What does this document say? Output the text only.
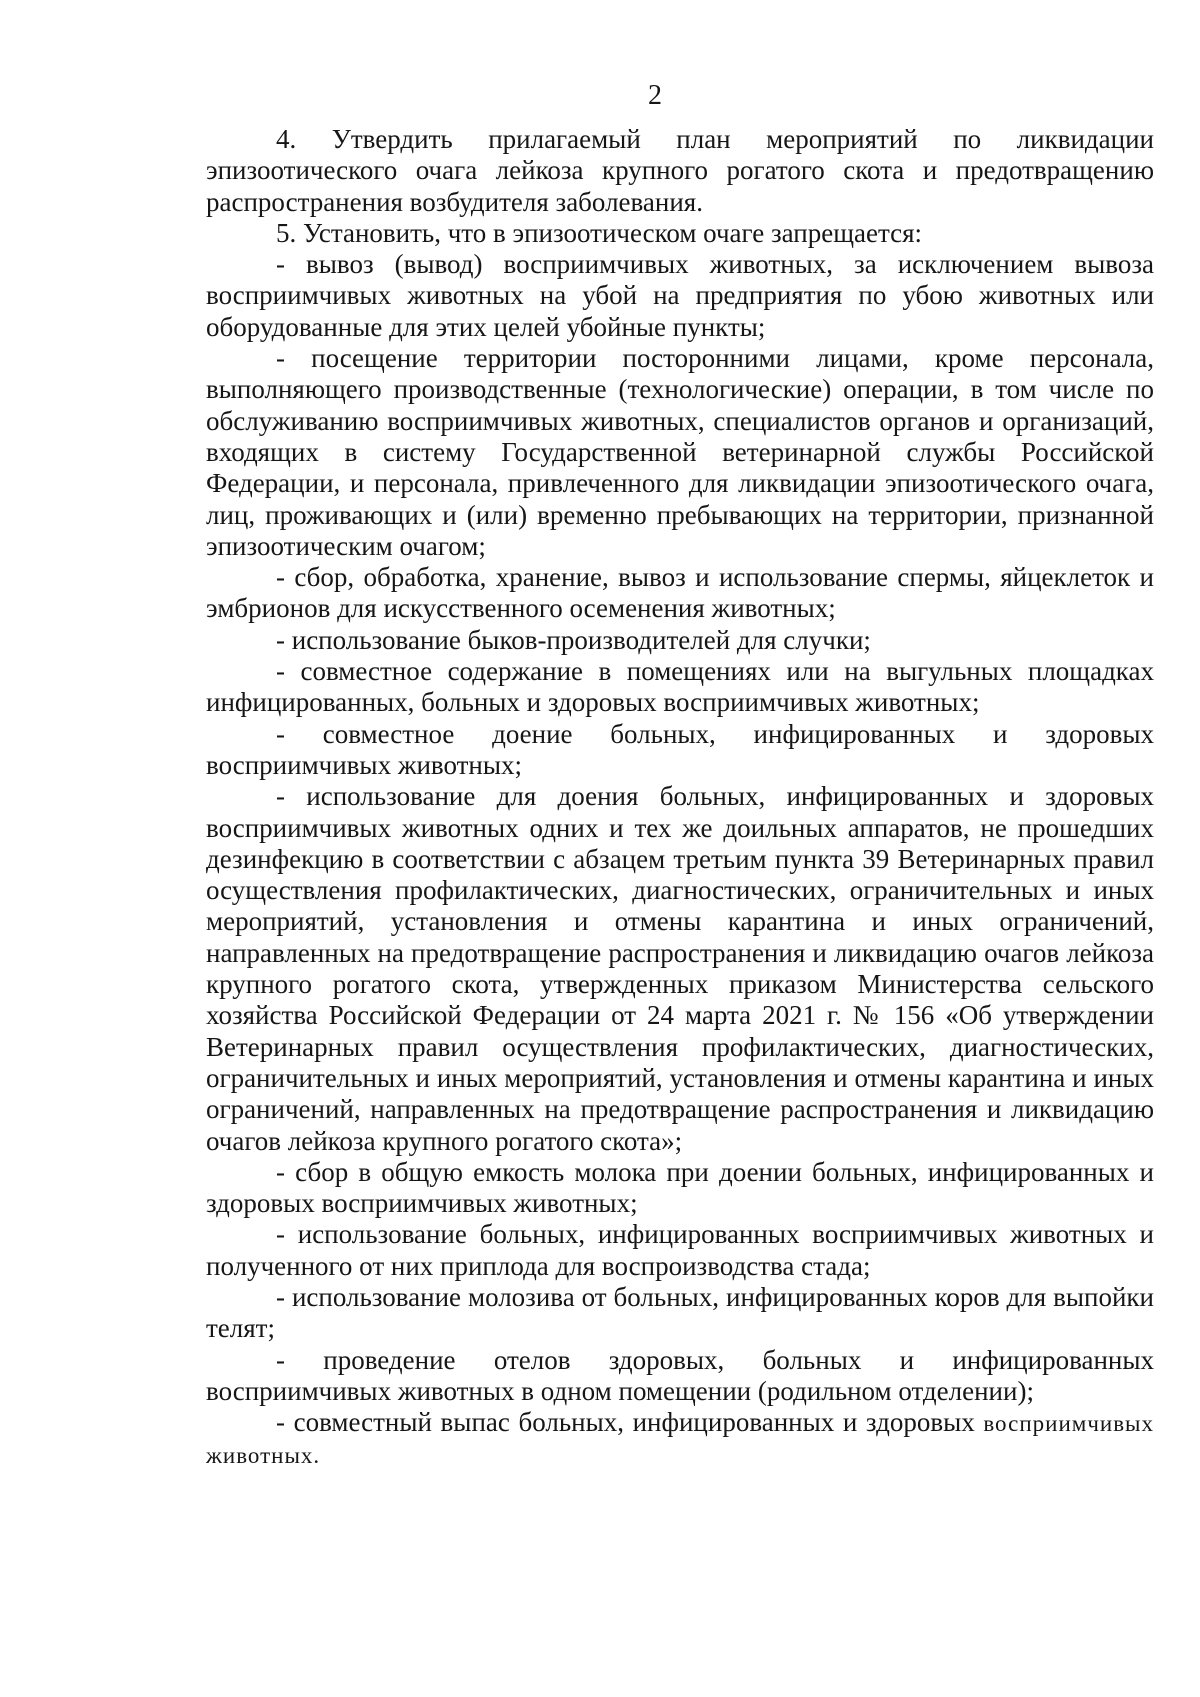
2

4. Утвердить прилагаемый план мероприятий по ликвидации эпизоотического очага лейкоза крупного рогатого скота и предотвращению распространения возбудителя заболевания.

5. Установить, что в эпизоотическом очаге запрещается:

- вывоз (вывод) восприимчивых животных, за исключением вывоза восприимчивых животных на убой на предприятия по убою животных или оборудованные для этих целей убойные пункты;

- посещение территории посторонними лицами, кроме персонала, выполняющего производственные (технологические) операции, в том числе по обслуживанию восприимчивых животных, специалистов органов и организаций, входящих в систему Государственной ветеринарной службы Российской Федерации, и персонала, привлеченного для ликвидации эпизоотического очага, лиц, проживающих и (или) временно пребывающих на территории, признанной эпизоотическим очагом;

- сбор, обработка, хранение, вывоз и использование спермы, яйцеклеток и эмбрионов для искусственного осеменения животных;

- использование быков-производителей для случки;

- совместное содержание в помещениях или на выгульных площадках инфицированных, больных и здоровых восприимчивых животных;

- совместное доение больных, инфицированных и здоровых восприимчивых животных;

- использование для доения больных, инфицированных и здоровых восприимчивых животных одних и тех же доильных аппаратов, не прошедших дезинфекцию в соответствии с абзацем третьим пункта 39 Ветеринарных правил осуществления профилактических, диагностических, ограничительных и иных мероприятий, установления и отмены карантина и иных ограничений, направленных на предотвращение распространения и ликвидацию очагов лейкоза крупного рогатого скота, утвержденных приказом Министерства сельского хозяйства Российской Федерации от 24 марта 2021 г. № 156 «Об утверждении Ветеринарных правил осуществления профилактических, диагностических, ограничительных и иных мероприятий, установления и отмены карантина и иных ограничений, направленных на предотвращение распространения и ликвидацию очагов лейкоза крупного рогатого скота»;

- сбор в общую емкость молока при доении больных, инфицированных и здоровых восприимчивых животных;

- использование больных, инфицированных восприимчивых животных и полученного от них приплода для воспроизводства стада;

- использование молозива от больных, инфицированных коров для выпойки телят;

- проведение отелов здоровых, больных и инфицированных восприимчивых животных в одном помещении (родильном отделении);

- совместный выпас больных, инфицированных и здоровых восприимчивых животных.
